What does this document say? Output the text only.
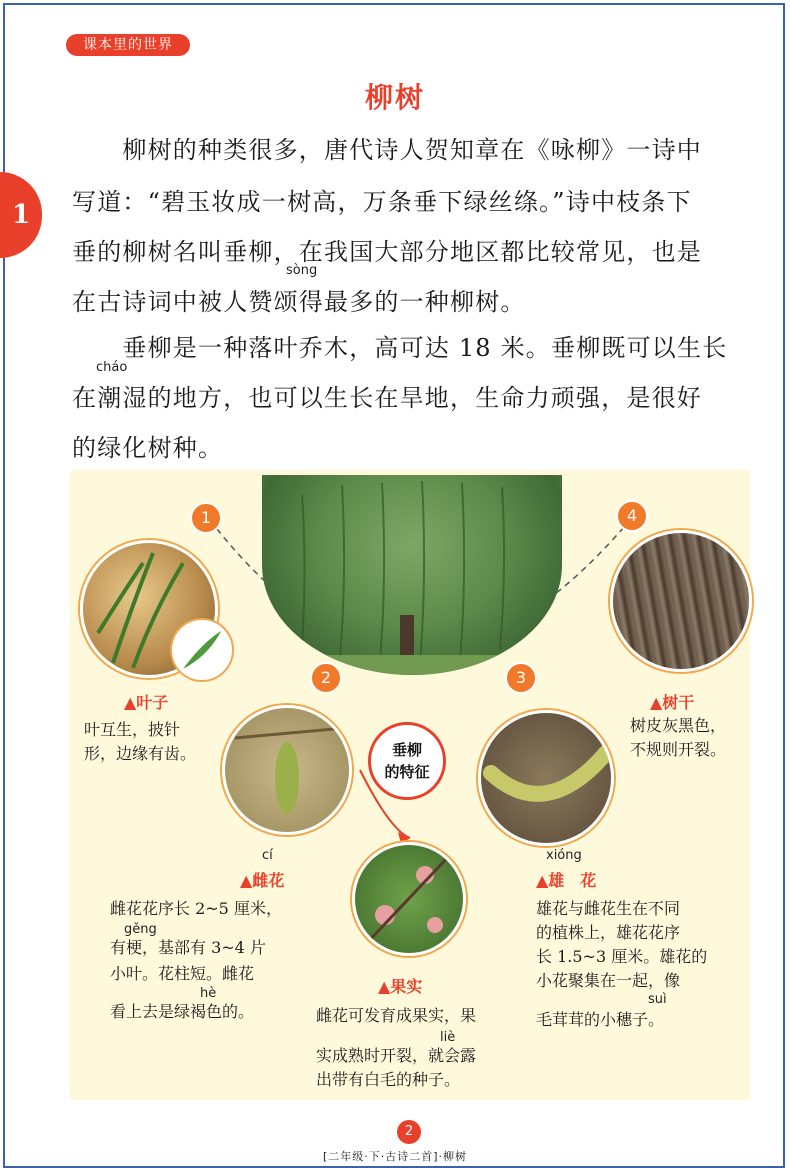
课本里的世界
1
柳树
　　柳树的种类很多，唐代诗人贺知章在《咏柳》一诗中
写道：“碧玉妆成一树高，万条垂下绿丝绦。”诗中枝条下
垂的柳树名叫垂柳，在我国大部分地区都比较常见，也是
sòng
在古诗词中被人赞颂得最多的一种柳树。
　　垂柳是一种落叶乔木，高可达 18 米。垂柳既可以生长
cháo
在潮湿的地方，也可以生长在旱地，生命力顽强，是很好
的绿化树种。
1
▲叶子
叶互生，披针
形，边缘有齿。
2
cí
▲雌花
雌花花序长 2~5 厘米，
gěng
有梗，基部有 3~4 片
小叶。花柱短。雌花
hè
看上去是绿褐色的。
垂柳
的特征
▲果实
雌花可发育成果实，果
liè
实成熟时开裂，就会露
出带有白毛的种子。
3
xióng
▲雄　花
雄花与雌花生在不同
的植株上，雄花花序
长 1.5~3 厘米。雄花的
小花聚集在一起，像
suì
毛茸茸的小穗子。
4
▲树干
树皮灰黑色，
不规则开裂。
2
[二年级·下·古诗二首]·柳树
